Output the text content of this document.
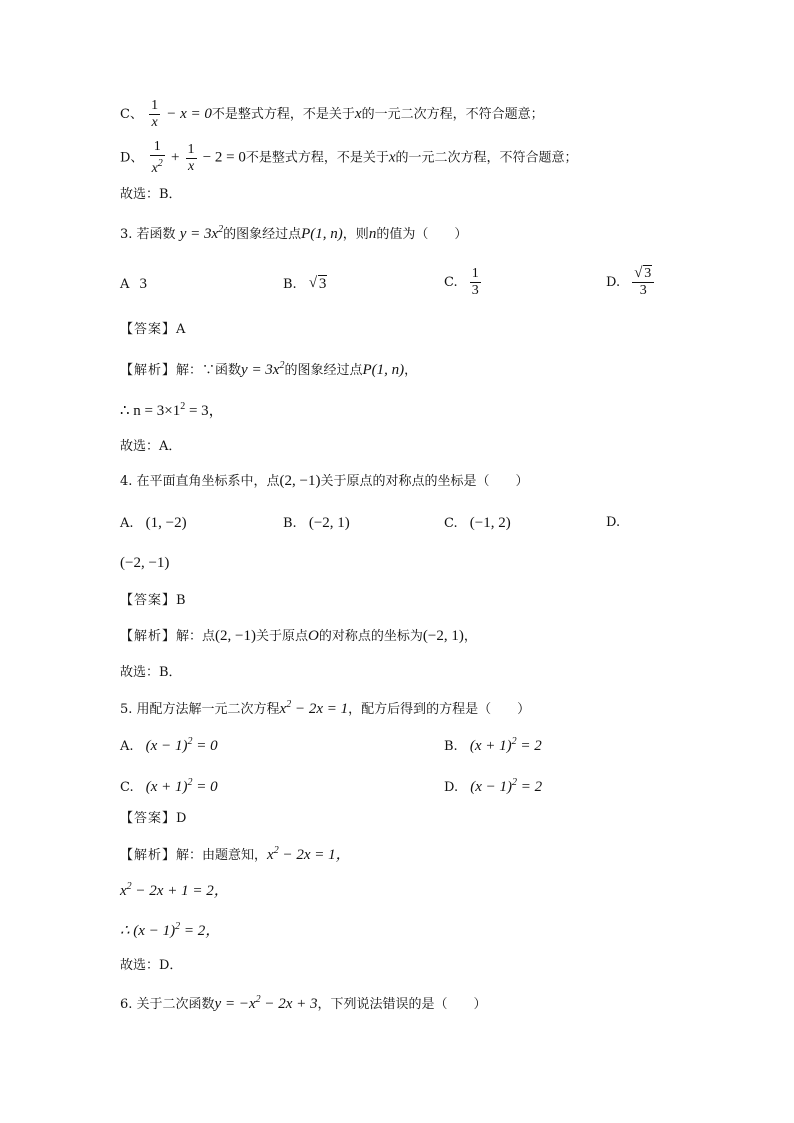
C、 $\frac{1}{x} - x = 0$不是整式方程，不是关于x的一元二次方程，不符合题意；
D、 $\frac{1}{x^2} + \frac{1}{x} - 2 = 0$不是整式方程，不是关于x的一元二次方程，不符合题意；
故选：B．
3. 若函数 $y = 3x^2$的图象经过点P(1, n)，则n的值为（　　）
A 3	B. √ 3	C. $\frac{1}{3}$	D. $\frac{√ 3}{3}$
【答案】A
【解析】解：∵函数$y = 3x^2$的图象经过点P(1, n)，
∴ $n = 3\times 1^2 = 3$，
故选：A．
4. 在平面直角坐标系中，点(2, −1)关于原点的对称点的坐标是（　　）
A. (1, −2)	B. (−2, 1)	C. (−1, 2)	D.
(−2, −1)
【答案】B
【解析】解：点(2, −1)关于原点O的对称点的坐标为(−2, 1)，
故选：B．
5. 用配方法解一元二次方程$x^2 - 2x = 1$，配方后得到的方程是（　　）
A. $(x - 1)^2 = 0$	B. $(x + 1)^2 = 2$
C. $(x + 1)^2 = 0$	D. $(x - 1)^2 = 2$
【答案】D
【解析】解：由题意知，$x^2 - 2x = 1$，
$x^2 - 2x + 1 = 2$，
∴ $(x - 1)^2 = 2$，
故选：D．
6. 关于二次函数$y = -x^2 - 2x + 3$，下列说法错误的是（　　）
